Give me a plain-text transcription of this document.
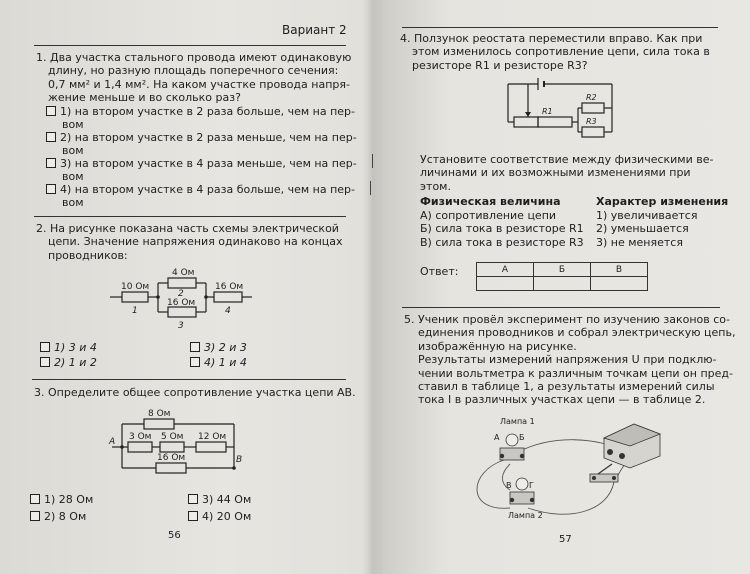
Вариант 2
1. Два участка стального провода имеют одинаковую
длину, но разную площадь поперечного сечения:
0,7 мм² и 1,4 мм². На каком участке провода напря-
жение меньше и во сколько раз?
1) на втором участке в 2 раза больше, чем на пер-
вом
2) на втором участке в 2 раза меньше, чем на пер-
вом
3) на втором участке в 4 раза меньше, чем на пер-
вом
4) на втором участке в 4 раза больше, чем на пер-
вом
2. На рисунке показана часть схемы электрической
цепи. Значение напряжения одинаково на концах
проводников:
10 Ом
1
4 Ом
2
16 Ом
3
16 Ом
4
1) 3 и 4
2) 1 и 2
3) 2 и 3
4) 1 и 4
3. Определите общее сопротивление участка цепи AB.
A
B
8 Ом
3 Ом 5 Ом 12 Ом
16 Ом
1) 28 Ом
2) 8 Ом
3) 44 Ом
4) 20 Ом
56
4. Ползунок реостата переместили вправо. Как при
этом изменилось сопротивление цепи, сила тока в
резисторе R1 и резисторе R3?
R1
R2
R3
Установите соответствие между физическими ве-
личинами и их возможными изменениями при
этом.
Физическая величина	Характер изменения
А) сопротивление цепи
Б) сила тока в резисторе R1
В) сила тока в резисторе R3
1) увеличивается
2) уменьшается
3) не меняется
Ответ:	А	Б	В

5. Ученик провёл эксперимент по изучению законов со-
единения проводников и собрал электрическую цепь,
изображённую на рисунке.
Результаты измерений напряжения U при подклю-
чении вольтметра к различным точкам цепи он пред-
ставил в таблице 1, а результаты измерений силы
тока I в различных участках цепи — в таблице 2.
Лампа 1
А Б
В Г
Лампа 2
57
